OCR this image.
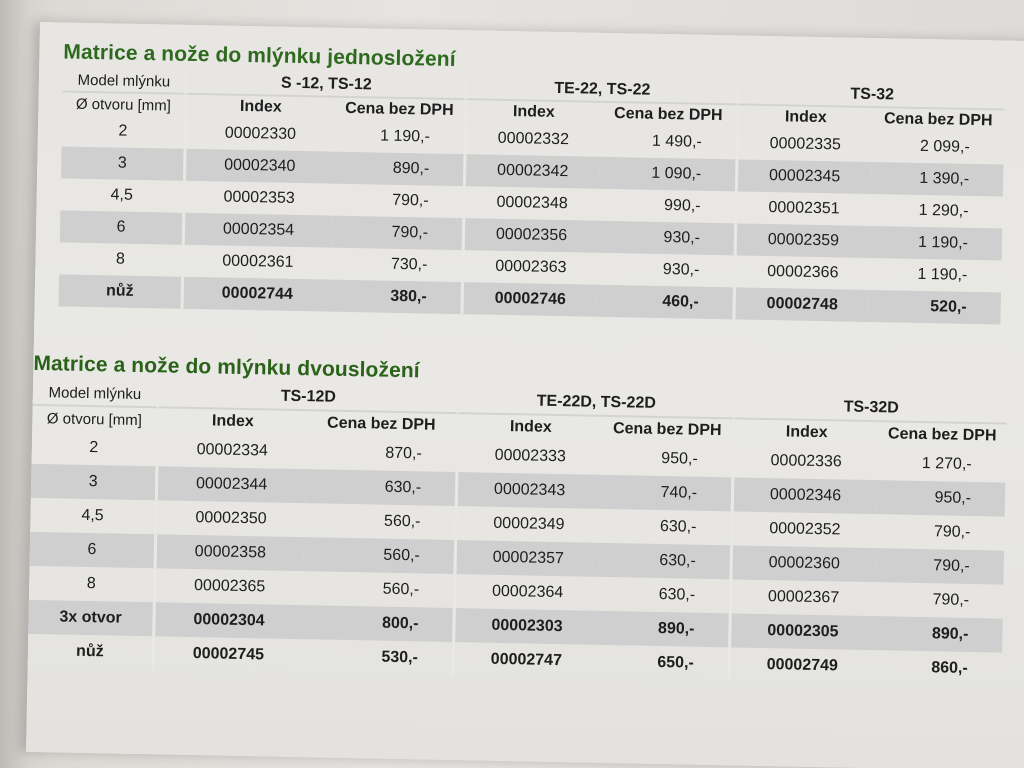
Matrice a nože do mlýnku jednosložení
Model mlýnku	S -12, TS-12		TE-22, TS-22		TS-32	
Ø otvoru [mm]	Index	Cena bez DPH	Index	Cena bez DPH	Index	Cena bez DPH
2	00002330	1 190,-	00002332	1 490,-	00002335	2 099,-
3	00002340	890,-	00002342	1 090,-	00002345	1 390,-
4,5	00002353	790,-	00002348	990,-	00002351	1 290,-
6	00002354	790,-	00002356	930,-	00002359	1 190,-
8	00002361	730,-	00002363	930,-	00002366	1 190,-
nůž	00002744	380,-	00002746	460,-	00002748	520,-
Matrice a nože do mlýnku dvousložení
Model mlýnku	TS-12D		TE-22D, TS-22D		TS-32D	
Ø otvoru [mm]	Index	Cena bez DPH	Index	Cena bez DPH	Index	Cena bez DPH
2	00002334	870,-	00002333	950,-	00002336	1 270,-
3	00002344	630,-	00002343	740,-	00002346	950,-
4,5	00002350	560,-	00002349	630,-	00002352	790,-
6	00002358	560,-	00002357	630,-	00002360	790,-
8	00002365	560,-	00002364	630,-	00002367	790,-
3x otvor	00002304	800,-	00002303	890,-	00002305	890,-
nůž	00002745	530,-	00002747	650,-	00002749	860,-
